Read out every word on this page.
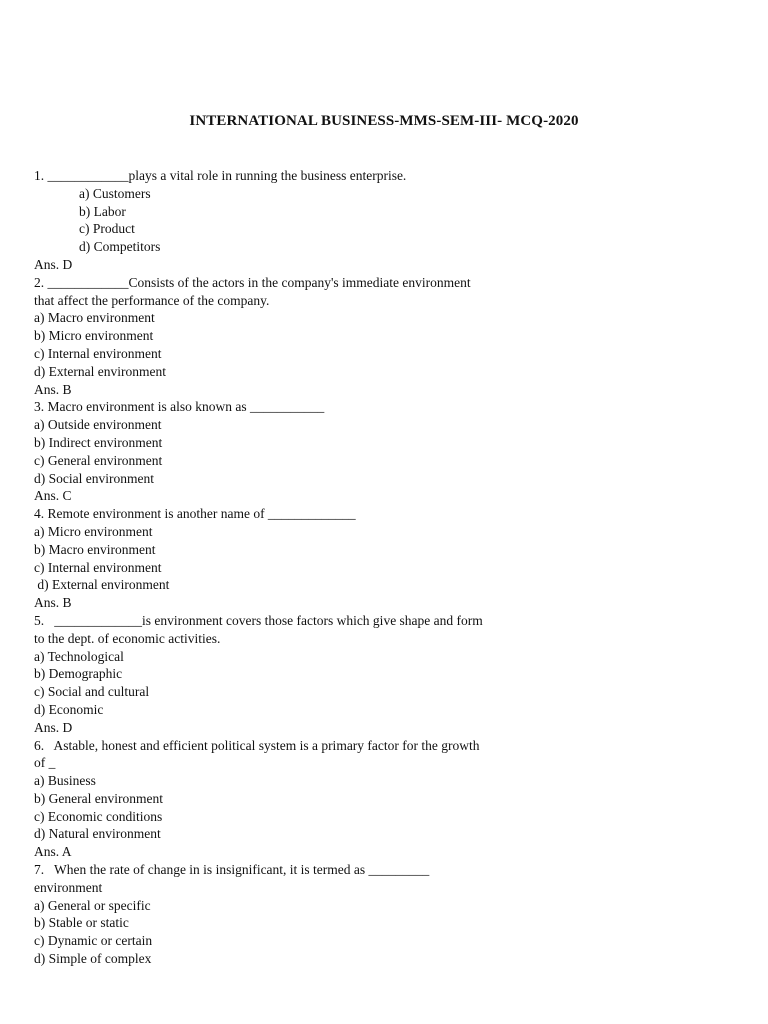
INTERNATIONAL BUSINESS-MMS-SEM-III- MCQ-2020
1. ____________plays a vital role in running the business enterprise.
a) Customers
b) Labor
c) Product
d) Competitors
Ans. D
2. ____________Consists of the actors in the company's immediate environment
that affect the performance of the company.
a) Macro environment
b) Micro environment
c) Internal environment
d) External environment
Ans. B
3. Macro environment is also known as ___________
a) Outside environment
b) Indirect environment
c) General environment
d) Social environment
Ans. C
4. Remote environment is another name of _____________
a) Micro environment
b) Macro environment
c) Internal environment
d) External environment
Ans. B
5.   _____________is environment covers those factors which give shape and form
to the dept. of economic activities.
a) Technological
b) Demographic
c) Social and cultural
d) Economic
Ans. D
6.   Astable, honest and efficient political system is a primary factor for the growth
of _
a) Business
b) General environment
c) Economic conditions
d) Natural environment
Ans. A
7.   When the rate of change in is insignificant, it is termed as _________
environment
a) General or specific
b) Stable or static
c) Dynamic or certain
d) Simple of complex
